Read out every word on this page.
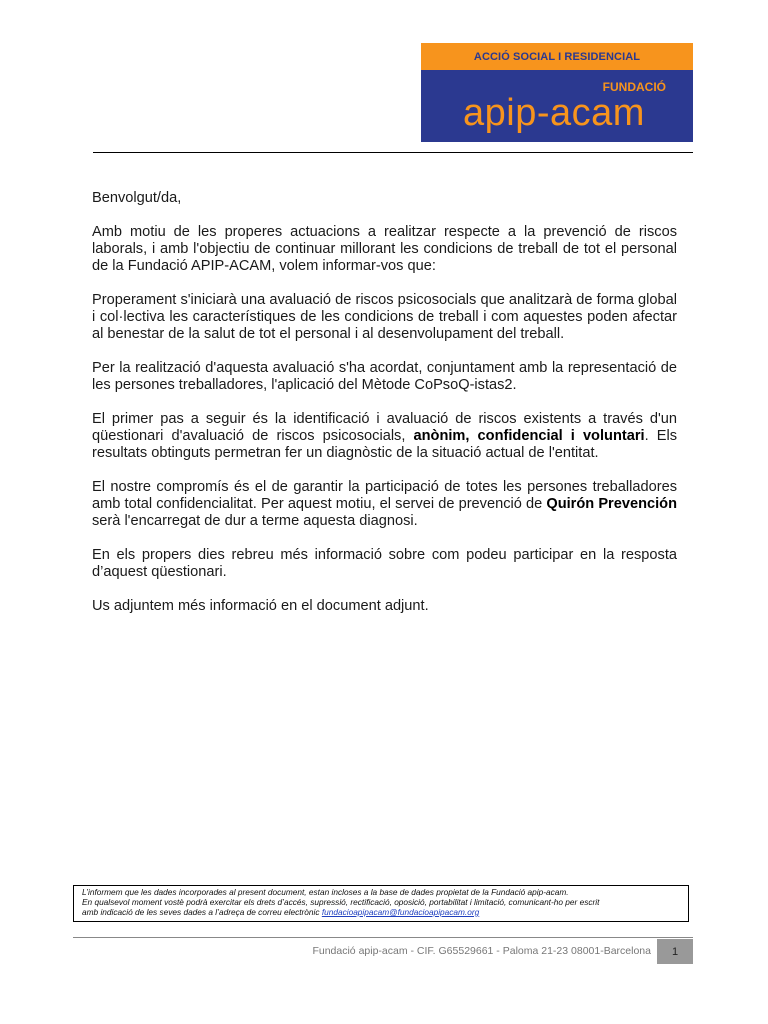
ACCIÓ SOCIAL I RESIDENCIAL
FUNDACIÓ
apip-acam

Benvolgut/da,

Amb motiu de les properes actuacions a realitzar respecte a la prevenció de riscos laborals, i amb l'objectiu de continuar millorant les condicions de treball de tot el personal de la Fundació APIP-ACAM, volem informar-vos que:

Properament s'iniciarà una avaluació de riscos psicosocials que analitzarà de forma global i col·lectiva les característiques de les condicions de treball i com aquestes poden afectar al benestar de la salut de tot el personal i al desenvolupament del treball.

Per la realització d'aquesta avaluació s'ha acordat, conjuntament amb la representació de les persones treballadores, l'aplicació del Mètode CoPsoQ-istas2.

El primer pas a seguir és la identificació i avaluació de riscos existents a través d'un qüestionari d'avaluació de riscos psicosocials, anònim, confidencial i voluntari. Els resultats obtinguts permetran fer un diagnòstic de la situació actual de l'entitat.

El nostre compromís és el de garantir la participació de totes les persones treballadores amb total confidencialitat. Per aquest motiu, el servei de prevenció de Quirón Prevención serà l'encarregat de dur a terme aquesta diagnosi.

En els propers dies rebreu més informació sobre com podeu participar en la resposta d’aquest qüestionari.

Us adjuntem més informació en el document adjunt.

L’informem que les dades incorporades al present document, estan incloses a la base de dades propietat de la Fundació apip-acam.
En qualsevol moment vostè podrà exercitar els drets d’accés, supressió, rectificació, oposició, portabilitat i limitació, comunicant-ho per escrit
amb indicació de les seves dades a l’adreça de correu electrònic fundacioapipacam@fundacioapipacam.org
Fundació apip-acam - CIF. G65529661 - Paloma 21-23 08001-Barcelona	1
